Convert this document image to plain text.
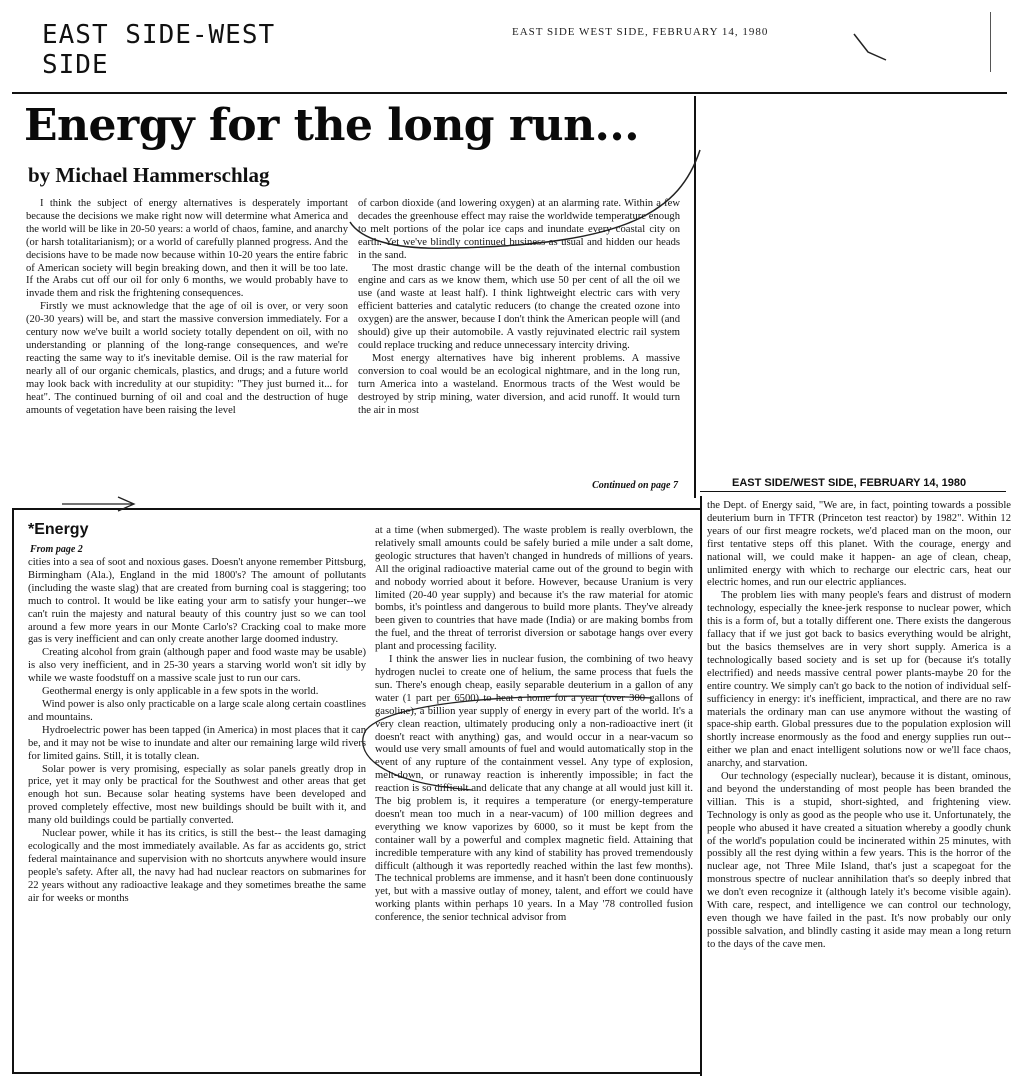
EAST SIDE-WEST SIDE
EAST SIDE WEST SIDE, FEBRUARY 14, 1980
Energy for the long run...
by Michael Hammerschlag

I think the subject of energy alternatives is desperately important because the decisions we make right now will determine what America and the world will be like in 20-50 years: a world of chaos, famine, and anarchy (or harsh totalitarianism); or a world of carefully planned progress. And the decisions have to be made now because within 10-20 years the entire fabric of American society will begin breaking down, and then it will be too late. If the Arabs cut off our oil for only 6 months, we would probably have to invade them and risk the frightening consequences.

Firstly we must acknowledge that the age of oil is over, or very soon (20-30 years) will be, and start the massive conversion immediately. For a century now we've built a world society totally dependent on oil, with no understanding or planning of the long-range consequences, and we're reacting the same way to it's inevitable demise. Oil is the raw material for nearly all of our organic chemicals, plastics, and drugs; and a future world may look back with incredulity at our stupidity: "They just burned it... for heat". The continued burning of oil and coal and the destruction of huge amounts of vegetation have been raising the level

of carbon dioxide (and lowering oxygen) at an alarming rate. Within a few decades the greenhouse effect may raise the worldwide temperature enough to melt portions of the polar ice caps and inundate every coastal city on earth. Yet we've blindly continued business as usual and hidden our heads in the sand.

The most drastic change will be the death of the internal combustion engine and cars as we know them, which use 50 per cent of all the oil we use (and waste at least half). I think lightweight electric cars with very efficient batteries and catalytic reducers (to change the created ozone into oxygen) are the answer, because I don't think the American people will (and should) give up their automobile. A vastly rejuvinated electric rail system could replace trucking and reduce unnecessary intercity driving.

Most energy alternatives have big inherent problems. A massive conversion to coal would be an ecological nightmare, and in the long run, turn America into a wasteland. Enormous tracts of the West would be destroyed by strip mining, water diversion, and acid runoff. It would turn the air in most

Continued on page 7	EAST SIDE/WEST SIDE, FEBRUARY 14, 1980
*Energy
From page 2

cities into a sea of soot and noxious gases. Doesn't anyone remember Pittsburg, Birmingham (Ala.), England in the mid 1800's? The amount of pollutants (including the waste slag) that are created from burning coal is staggering; too much to control. It would be like eating your arm to satisfy your hunger--we can't ruin the majesty and natural beauty of this country just so we can tool around a few more years in our Monte Carlo's? Cracking coal to make more gas is very inefficient and can only create another large doomed industry.

Creating alcohol from grain (although paper and food waste may be usable) is also very inefficient, and in 25-30 years a starving world won't sit idly by while we waste foodstuff on a massive scale just to run our cars.

Geothermal energy is only applicable in a few spots in the world.

Wind power is also only practicable on a large scale along certain coastlines and mountains.

Hydroelectric power has been tapped (in America) in most places that it can be, and it may not be wise to inundate and alter our remaining large wild rivers for limited gains. Still, it is totally clean.

Solar power is very promising, especially as solar panels greatly drop in price, yet it may only be practical for the Southwest and other areas that get enough hot sun. Because solar heating systems have been developed and proved completely effective, most new buildings should be built with it, and many old buildings could be partially converted.

Nuclear power, while it has its critics, is still the best-- the least damaging ecologically and the most immediately available. As far as accidents go, strict federal maintainance and supervision with no shortcuts anywhere would insure people's safety. After all, the navy had had nuclear reactors on submarines for 22 years without any radioactive leakage and they sometimes breathe the same air for weeks or months

at a time (when submerged). The waste problem is really overblown, the relatively small amounts could be safely buried a mile under a salt dome, geologic structures that haven't changed in hundreds of millions of years. All the original radioactive material came out of the ground to begin with and nobody worried about it before. However, because Uranium is very limited (20-40 year supply) and because it's the raw material for atomic bombs, it's pointless and dangerous to build more plants. They've already been given to countries that have made (India) or are making bombs from the fuel, and the threat of terrorist diversion or sabotage hangs over every plant and processing facility.

I think the answer lies in nuclear fusion, the combining of two heavy hydrogen nuclei to create one of helium, the same process that fuels the sun. There's enough cheap, easily separable deuterium in a gallon of any water (1 part per 6500) to heat a home for a year (over 300 gallons of gasoline), a billion year supply of energy in every part of the world. It's a very clean reaction, ultimately producing only a non-radioactive inert (it doesn't react with anything) gas, and would occur in a near-vacum so would use very small amounts of fuel and would automatically stop in the event of any rupture of the containment vessel. Any type of explosion, melt-down, or runaway reaction is inherently impossible; in fact the reaction is so difficult and delicate that any change at all would just kill it. The big problem is, it requires a temperature (or energy-temperature doesn't mean too much in a near-vacum) of 100 million degrees and everything we know vaporizes by 6000, so it must be kept from the container wall by a powerful and complex magnetic field. Attaining that incredible temperature with any kind of stability has proved tremendously difficult (although it was reportedly reached within the last few months). The technical problems are immense, and it hasn't been done continuously yet, but with a massive outlay of money, talent, and effort we could have working plants within perhaps 10 years. In a May '78 controlled fusion conference, the senior technical advisor from

the Dept. of Energy said, "We are, in fact, pointing towards a possible deuterium burn in TFTR (Princeton test reactor) by 1982". Within 12 years of our first meagre rockets, we'd placed man on the moon, our first tentative steps off this planet. With the courage, energy and national will, we could make it happen- an age of clean, cheap, unlimited energy with which to recharge our electric cars, heat our electric homes, and run our electric appliances.

The problem lies with many people's fears and distrust of modern technology, especially the knee-jerk response to nuclear power, which this is a form of, but a totally different one. There exists the dangerous fallacy that if we just got back to basics everything would be alright, but the basics themselves are in very short supply. America is a technologically based society and is set up for (because it's totally electrified) and needs massive central power plants-maybe 20 for the entire country. We simply can't go back to the notion of individual self-sufficiency in energy: it's inefficient, impractical, and there are no raw materials the ordinary man can use anymore without the wasting of space-ship earth. Global pressures due to the population explosion will shortly increase enormously as the food and energy supplies run out-- either we plan and enact intelligent solutions now or we'll face chaos, anarchy, and starvation.

Our technology (especially nuclear), because it is distant, ominous, and beyond the understanding of most people has been branded the villian. This is a stupid, short-sighted, and frightening view. Technology is only as good as the people who use it. Unfortunately, the people who abused it have created a situation whereby a goodly chunk of the world's population could be incinerated within 25 minutes, with possibly all the rest dying within a few years. This is the horror of the nuclear age, not Three Mile Island, that's just a scapegoat for the monstrous spectre of nuclear annihilation that's so deeply inbred that we don't even recognize it (although lately it's become visible again). With care, respect, and intelligence we can control our technology, even though we have failed in the past. It's now probably our only possible salvation, and blindly casting it aside may mean a long return to the days of the cave men.
